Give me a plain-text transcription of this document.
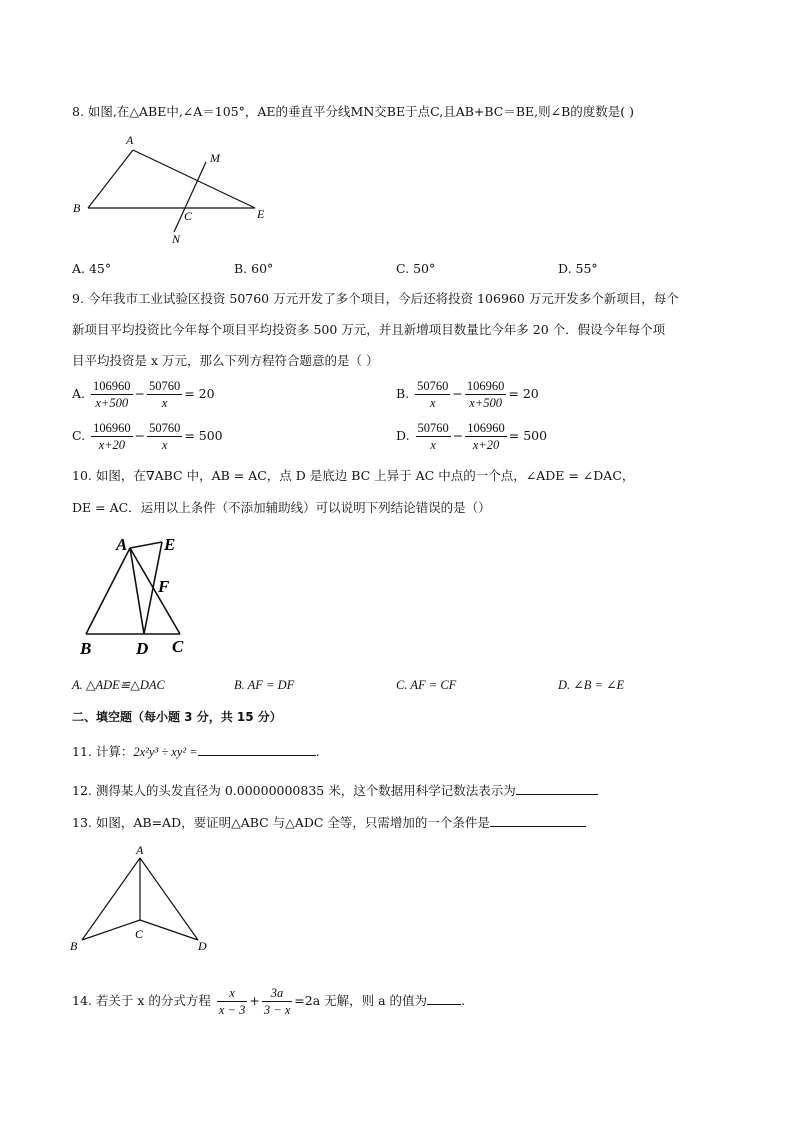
8. 如图,在△ABE中,∠A＝105°，AE的垂直平分线MN交BE于点C,且AB+BC＝BE,则∠B的度数是( )
A
M
B
C	E
N
A. 45°	B. 60°	C. 50°	D. 55°
9. 今年我市工业试验区投资 50760 万元开发了多个项目，今后还将投资 106960 万元开发多个新项目，每个
新项目平均投资比今年每个项目平均投资多 500 万元，并且新增项目数量比今年多 20 个．假设今年每个项
目平均投资是 x 万元，那么下列方程符合题意的是（ ）
A. $\frac{106960}{x+500} - \frac{50760}{x} = 20$	B. $\frac{50760}{x} - \frac{106960}{x+500} = 20$
C. $\frac{106960}{x+20} - \frac{50760}{x} = 500$	D. $\frac{50760}{x} - \frac{106960}{x+20} = 500$
10. 如图，在∇ABC 中，AB = AC，点 D 是底边 BC 上异于 AC 中点的一个点，∠ADE = ∠DAC，
DE = AC．运用以上条件（不添加辅助线）可以说明下列结论错误的是（）
A E
F
B	D C
A. △ADE≌△DAC	B. AF = DF	C. AF = CF	D. ∠B = ∠E
二、填空题（每小题 3 分，共 15 分）
11. 计算：2x²y³ ÷ xy² =	.
12. 测得某人的头发直径为 0.00000000835 米，这个数据用科学记数法表示为
13. 如图，AB=AD，要证明△ABC 与△ADC 全等，只需增加的一个条件是
A
C
B	D
14. 若关于 x 的分式方程 $\frac{x}{x - 3} + \frac{3a}{3 - x} =2a$ 无解，则 a 的值为	.
